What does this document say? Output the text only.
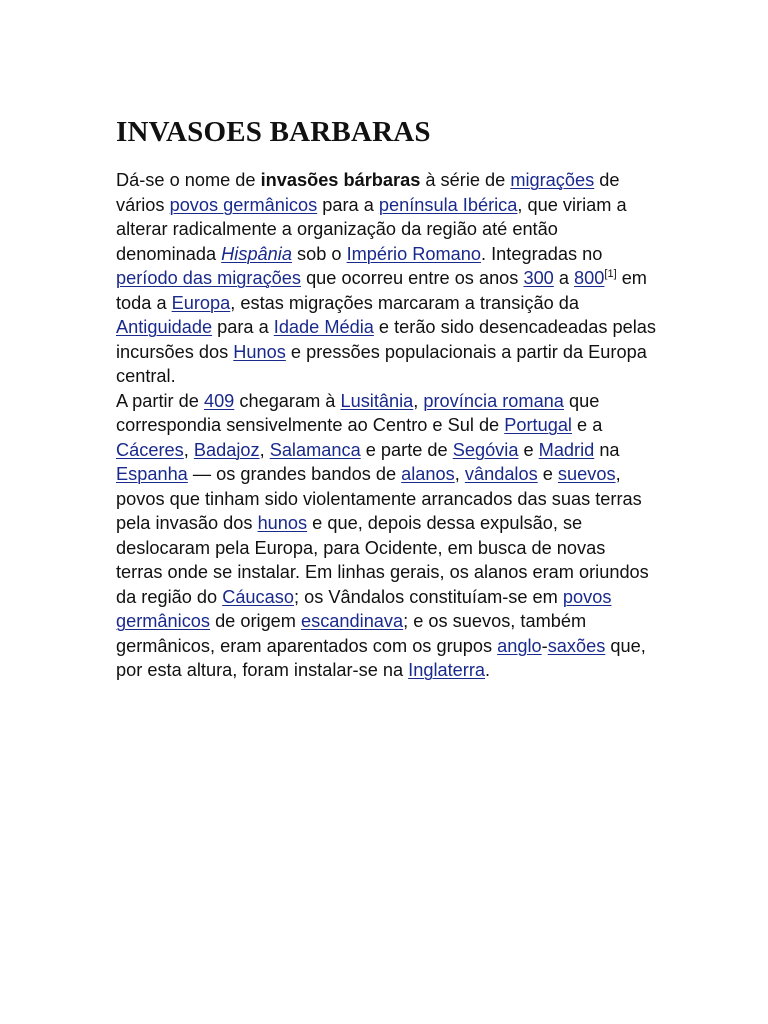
INVASOES BARBARAS

Dá-se o nome de invasões bárbaras à série de migrações de vários povos germânicos para a península Ibérica, que viriam a alterar radicalmente a organização da região até então denominada Hispânia sob o Império Romano. Integradas no período das migrações que ocorreu entre os anos 300 a 800[1] em toda a Europa, estas migrações marcaram a transição da Antiguidade para a Idade Média e terão sido desencadeadas pelas incursões dos Hunos e pressões populacionais a partir da Europa central.

A partir de 409 chegaram à Lusitânia, província romana que correspondia sensivelmente ao Centro e Sul de Portugal e a Cáceres, Badajoz, Salamanca e parte de Segóvia e Madrid na Espanha — os grandes bandos de alanos, vândalos e suevos, povos que tinham sido violentamente arrancados das suas terras pela invasão dos hunos e que, depois dessa expulsão, se deslocaram pela Europa, para Ocidente, em busca de novas terras onde se instalar. Em linhas gerais, os alanos eram oriundos da região do Cáucaso; os Vândalos constituíam-se em povos germânicos de origem escandinava; e os suevos, também germânicos, eram aparentados com os grupos anglo-saxões que, por esta altura, foram instalar-se na Inglaterra.
